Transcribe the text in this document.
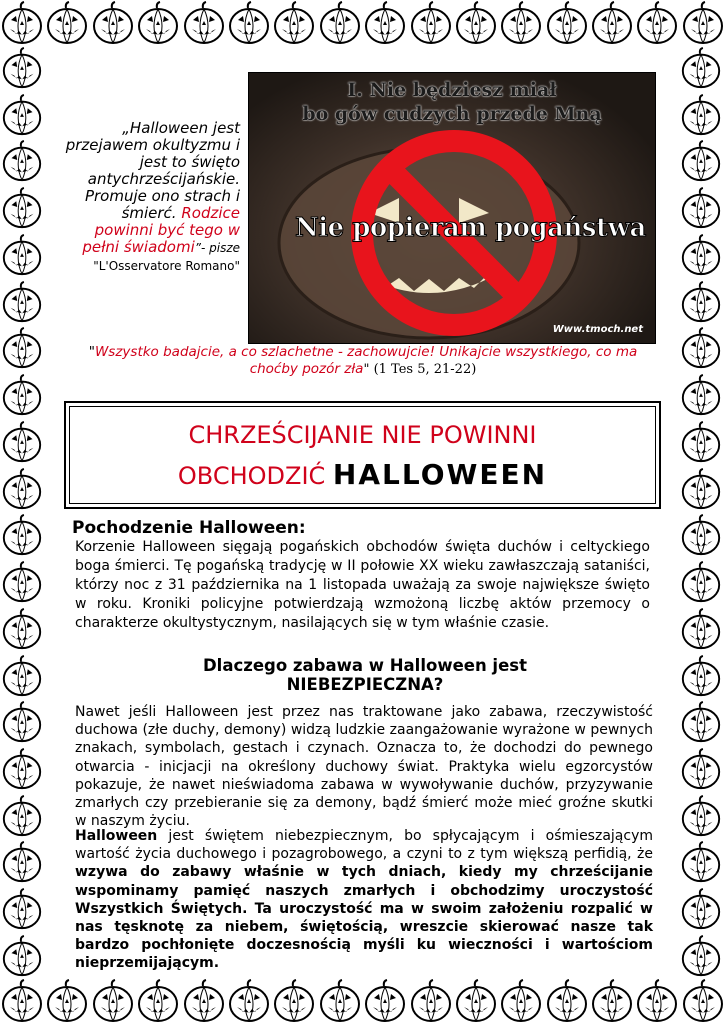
„Halloween jest przejawem okultyzmu i jest to święto antychrześcijańskie. Promuje ono strach i śmierć. Rodzice powinni być tego w pełni świadomi”- pisze
"L'Osservatore Romano"
I. Nie będziesz miał
bo gów cudzych przede Mną
Nie popieram pogaństwa
Www.tmoch.net
"Wszystko badajcie, a co szlachetne - zachowujcie! Unikajcie wszystkiego, co ma choćby pozór zła" (1 Tes 5, 21-22)
CHRZEŚCIJANIE NIE POWINNI
OBCHODZIĆ HALLOWEEN
Pochodzenie Halloween:
Korzenie Halloween sięgają pogańskich obchodów święta duchów i celtyckiego boga śmierci. Tę pogańską tradycję w II połowie XX wieku zawłaszczają sataniści, którzy noc z 31 października na 1 listopada uważają za swoje największe święto w roku. Kroniki policyjne potwierdzają wzmożoną liczbę aktów przemocy o charakterze okultystycznym, nasilających się w tym właśnie czasie.
Dlaczego zabawa w Halloween jest
NIEBEZPIECZNA?
Nawet jeśli Halloween jest przez nas traktowane jako zabawa, rzeczywistość duchowa (złe duchy, demony) widzą ludzkie zaangażowanie wyrażone w pewnych znakach, symbolach, gestach i czynach. Oznacza to, że dochodzi do pewnego otwarcia - inicjacji na określony duchowy świat. Praktyka wielu egzorcystów pokazuje, że nawet nieświadoma zabawa w wywoływanie duchów, przyzywanie zmarłych czy przebieranie się za demony, bądź śmierć może mieć groźne skutki w naszym życiu.
Halloween jest świętem niebezpiecznym, bo spłycającym i ośmieszającym wartość życia duchowego i pozagrobowego, a czyni to z tym większą perfidią, że wzywa do zabawy właśnie w tych dniach, kiedy my chrześcijanie wspominamy pamięć naszych zmarłych i obchodzimy uroczystość Wszystkich Świętych. Ta uroczystość ma w swoim założeniu rozpalić w nas tęsknotę za niebem, świętością, wreszcie skierować nasze tak bardzo pochłonięte doczesnością myśli ku wieczności i wartościom nieprzemijającym.
